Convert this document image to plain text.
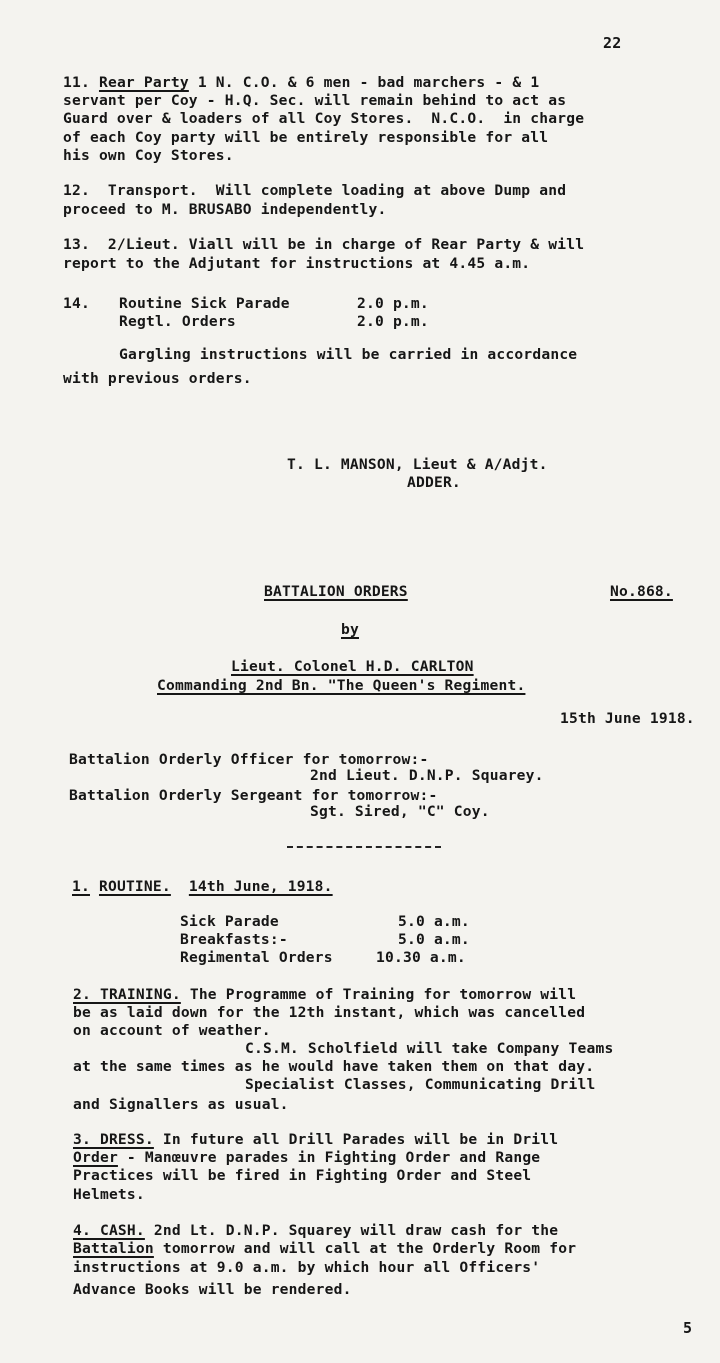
22
11. Rear Party 1 N. C.O. & 6 men - bad marchers - & 1
servant per Coy - H.Q. Sec. will remain behind to act as
Guard over & loaders of all Coy Stores.  N.C.O.  in charge
of each Coy party will be entirely responsible for all
his own Coy Stores.
12.  Transport.  Will complete loading at above Dump and
proceed to M. BRUSABO independently.
13.  2/Lieut. Viall will be in charge of Rear Party & will
report to the Adjutant for instructions at 4.45 a.m.
14. Routine Sick Parade	2.0 p.m.
Regtl. Orders	2.0 p.m.
Gargling instructions will be carried in accordance
with previous orders.
T. L. MANSON, Lieut & A/Adjt.
ADDER.
BATTALION ORDERS	No.868.
by
Lieut. Colonel H.D. CARLTON
Commanding 2nd Bn. "The Queen's Regiment.
15th June 1918.
Battalion Orderly Officer for tomorrow:-
2nd Lieut. D.N.P. Squarey.
Battalion Orderly Sergeant for tomorrow:-
Sgt. Sired, "C" Coy.
1. ROUTINE. 14th June, 1918.
Sick Parade	5.0 a.m.
Breakfasts:-	5.0 a.m.
Regimental Orders	10.30 a.m.
2. TRAINING. The Programme of Training for tomorrow will
be as laid down for the 12th instant, which was cancelled
on account of weather.
C.S.M. Scholfield will take Company Teams
at the same times as he would have taken them on that day.
Specialist Classes, Communicating Drill
and Signallers as usual.
3. DRESS. In future all Drill Parades will be in Drill
Order - Manœuvre parades in Fighting Order and Range
Practices will be fired in Fighting Order and Steel
Helmets.
4. CASH. 2nd Lt. D.N.P. Squarey will draw cash for the
Battalion tomorrow and will call at the Orderly Room for
instructions at 9.0 a.m. by which hour all Officers'
Advance Books will be rendered.
5
